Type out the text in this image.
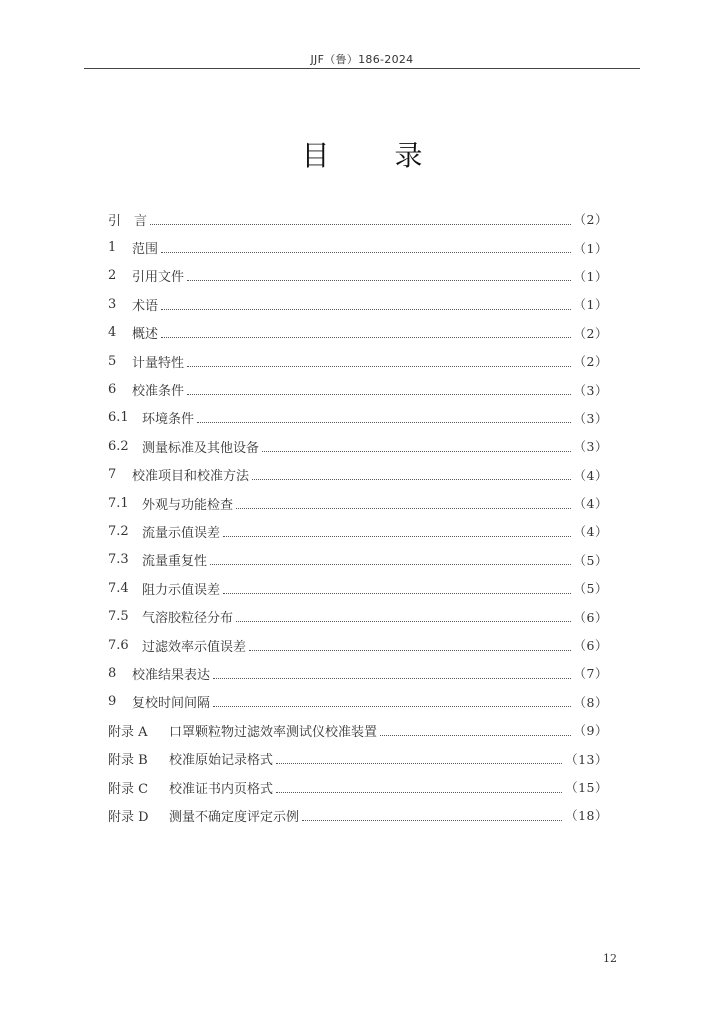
JJF（鲁）186-2024
目 录
引 言	（2）
1	范围	（1）
2	引用文件	（1）
3	术语	（1）
4	概述	（2）
5	计量特性	（2）
6	校准条件	（3）
6.1	环境条件	（3）
6.2	测量标准及其他设备	（3）
7	校准项目和校准方法	（4）
7.1	外观与功能检查	（4）
7.2	流量示值误差	（4）
7.3	流量重复性	（5）
7.4	阻力示值误差	（5）
7.5	气溶胶粒径分布	（6）
7.6	过滤效率示值误差	（6）
8	校准结果表达	（7）
9	复校时间间隔	（8）
附录 A	口罩颗粒物过滤效率测试仪校准装置	（9）
附录 B	校准原始记录格式	（13）
附录 C	校准证书内页格式	（15）
附录 D	测量不确定度评定示例	（18）
12
